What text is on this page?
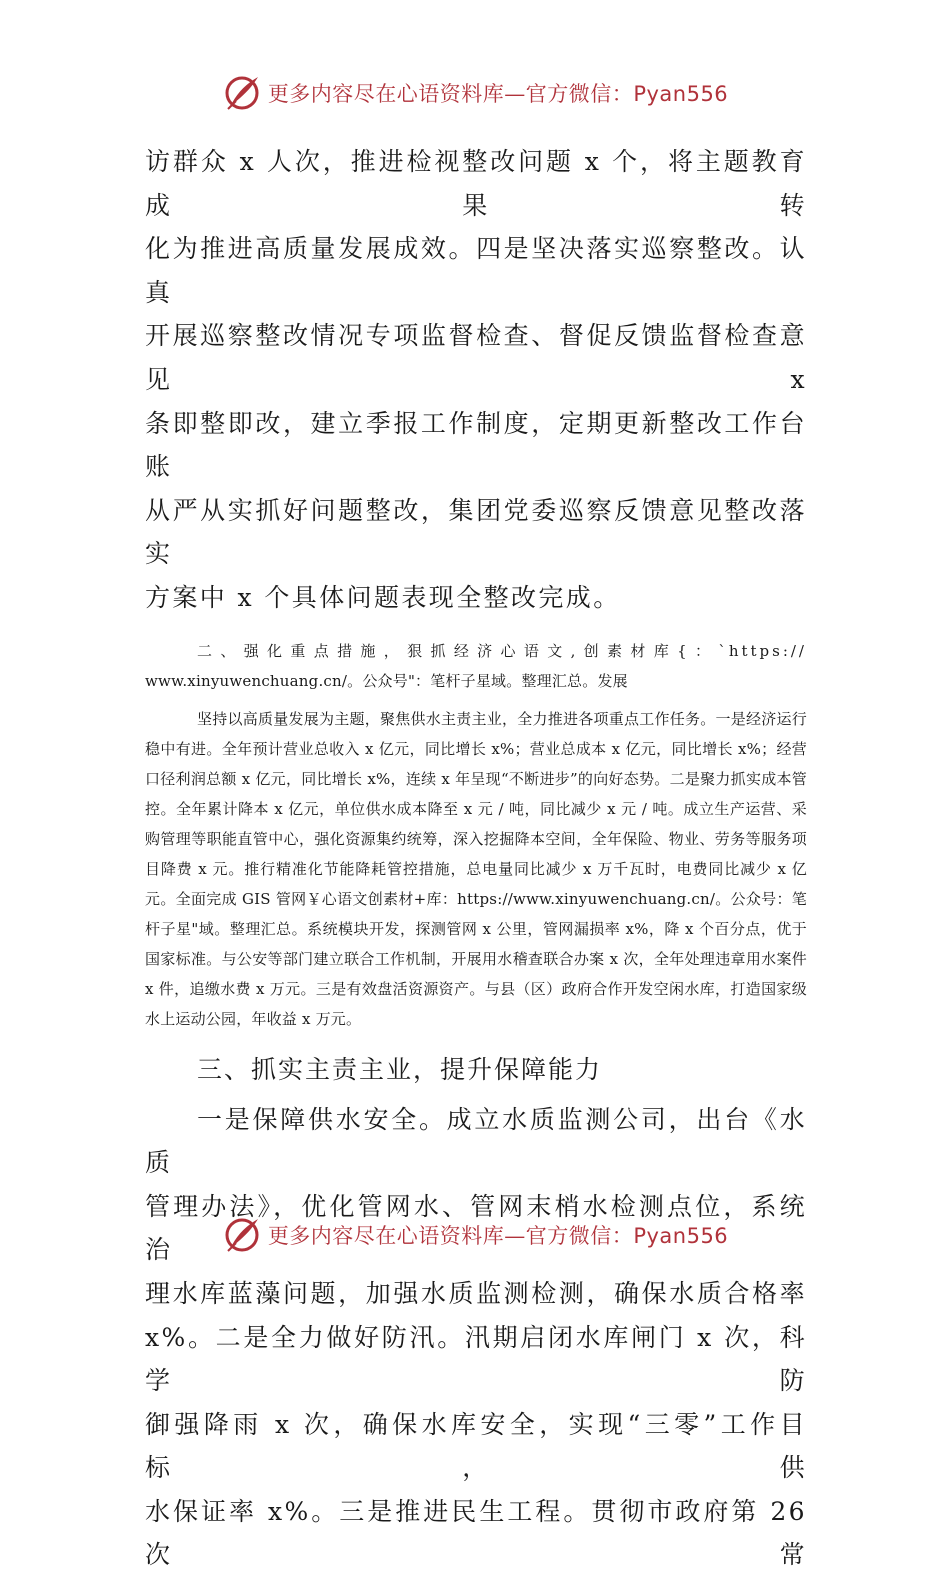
更多内容尽在心语资料库—官方微信：Pyan556

访群众 x 人次，推进检视整改问题 x 个，将主题教育成果转

化为推进高质量发展成效。四是坚决落实巡察整改。认真

开展巡察整改情况专项监督检查、督促反馈监督检查意见 x

条即整即改，建立季报工作制度，定期更新整改工作台账

从严从实抓好问题整改，集团党委巡察反馈意见整改落实

方案中 x 个具体问题表现全整改完成。

二、强化重点措施，狠抓经济心语文,创素材库{：`https://

www.xinyuwenchuang.cn/。公众号"：笔杆子星域。整理汇总。发展

坚持以高质量发展为主题，聚焦供水主责主业，全力推进各项重点工作任务。一是经济运行稳中有进。全年预计营业总收入 x 亿元，同比增长 x%；营业总成本 x 亿元，同比增长 x%；经营口径利润总额 x 亿元，同比增长 x%，连续 x 年呈现“不断进步”的向好态势。二是聚力抓实成本管控。全年累计降本 x 亿元，单位供水成本降至 x 元 / 吨，同比减少 x 元 / 吨。成立生产运营、采购管理等职能直管中心，强化资源集约统筹，深入挖掘降本空间，全年保险、物业、劳务等服务项目降费 x 元。推行精准化节能降耗管控措施，总电量同比减少 x 万千瓦时，电费同比减少 x 亿元。全面完成 GIS 管网￥心语文创素材+库：https://www.xinyuwenchuang.cn/。公众号：笔杆子星"域。整理汇总。系统模块开发，探测管网 x 公里，管网漏损率 x%，降 x 个百分点，优于国家标准。与公安等部门建立联合工作机制，开展用水稽查联合办案 x 次，全年处理违章用水案件 x 件，追缴水费 x 万元。三是有效盘活资源资产。与县（区）政府合作开发空闲水库，打造国家级水上运动公园，年收益 x 万元。

三、抓实主责主业，提升保障能力

一是保障供水安全。成立水质监测公司，出台《水质

管理办法》，优化管网水、管网末梢水检测点位，系统治

理水库蓝藻问题，加强水质监测检测，确保水质合格率

x%。二是全力做好防汛。汛期启闭水库闸门 x 次，科学防

御强降雨 x 次，确保水库安全，实现“三零”工作目标，供

水保证率 x%。三是推进民生工程。贯彻市政府第 26 次常

更多内容尽在心语资料库—官方微信：Pyan556
